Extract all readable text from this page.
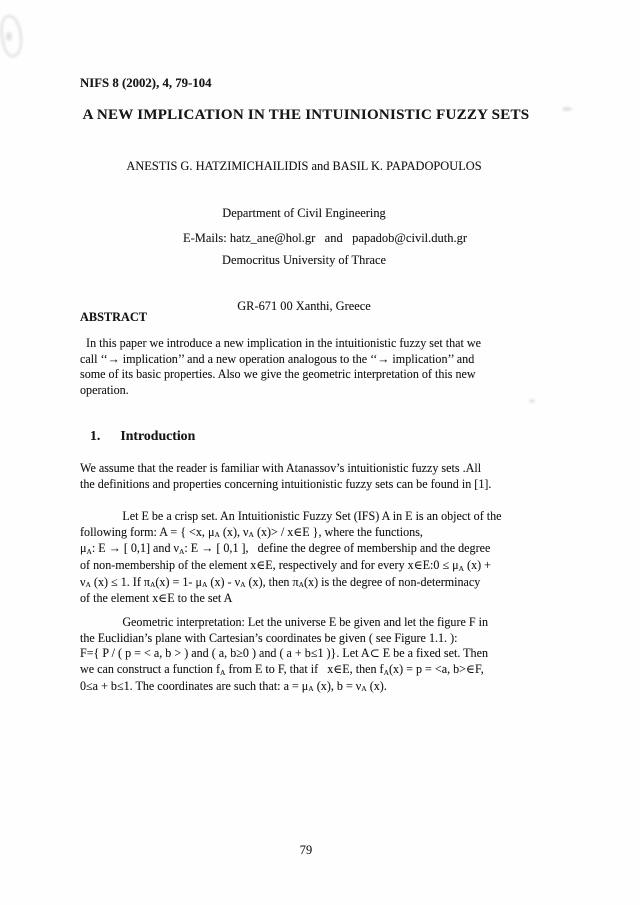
NIFS 8 (2002), 4, 79-104
A NEW IMPLICATION IN THE INTUINIONISTIC FUZZY SETS
ANESTIS G. HATZIMICHAILIDIS and BASIL K. PAPADOPOULOS

Department of Civil Engineering

Democritus University of Thrace

GR-671 00 Xanthi, Greece

E-Mails: hatz_ane@hol.gr  and  papadob@civil.duth.gr
ABSTRACT
 In this paper we introduce a new implication in the intuitionistic fuzzy set that we
call ‘‘→ implication’’ and a new operation analogous to the ‘‘→ implication’’ and
some of its basic properties. Also we give the geometric interpretation of this new
operation.
1. Introduction
We assume that the reader is familiar with Atanassov’s intuitionistic fuzzy sets .All
the definitions and properties concerning intuitionistic fuzzy sets can be found in [1].
    Let E be a crisp set. An Intuitionistic Fuzzy Set (IFS) A in E is an object of the
following form: A = { <x, $\mu_A$ (x), $\nu_A$ (x)> / x∈E }, where the functions,
$\mu_A$: E → [ 0,1] and $\nu_A$: E → [ 0,1 ],  define the degree of membership and the degree
of non-membership of the element x∈E, respectively and for every x∈E:0 ≤ $\mu_A$ (x) +
$\nu_A$ (x) ≤ 1. If $\pi_A(x) = 1-$ $\mu_A$ $(x) - \nu_A$ (x), then $\pi_A(x)$ is the degree of non-determinacy
of the element x∈E to the set A
    Geometric interpretation: Let the universe E be given and let the figure F in
the Euclidian’s plane with Cartesian’s coordinates be given ( see Figure 1.1. ):
F={ P / ( p = < a, b > ) and ( a, b≥0 ) and ( a + b≤1 )}. Let A⊂ E be a fixed set. Then
we can construct a function $f_A$ from E to F, that if  x∈E, then $f_A(x) = p = <a$, b>∈F,
0≤a + b≤1. The coordinates are such that: $a = \mu_A$ (x), $b = \nu_A$ (x).
79
